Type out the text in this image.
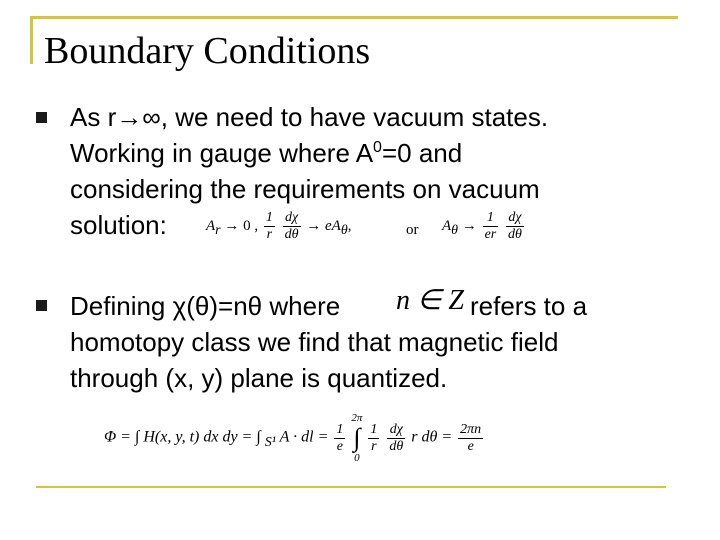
Boundary Conditions
As r→∞, we need to have vacuum states.
Working in gauge where $A^0=0$ and
considering the requirements on vacuum
solution:	$A_r \to 0$ , $\frac{1}{r}$
$\frac{d\chi}{d\theta} \to eA_\theta$,	or $A_\theta \to \frac{1}{er}$
$\frac{d\chi}{d\theta}$
Defining χ(θ)=nθ where n ∈ Z refers to a
homotopy class we find that magnetic field
through (x, y) plane is quantized.
Φ = ∫ H(x, y, t) dx dy = ∫ $_{S^1}$ A · dl = $\frac{1}{e}$

2π
∫
0

$\frac{1}{r}$
$\frac{d\chi}{d\theta}$ r $d\theta = \frac{2\pi n}{e}$
